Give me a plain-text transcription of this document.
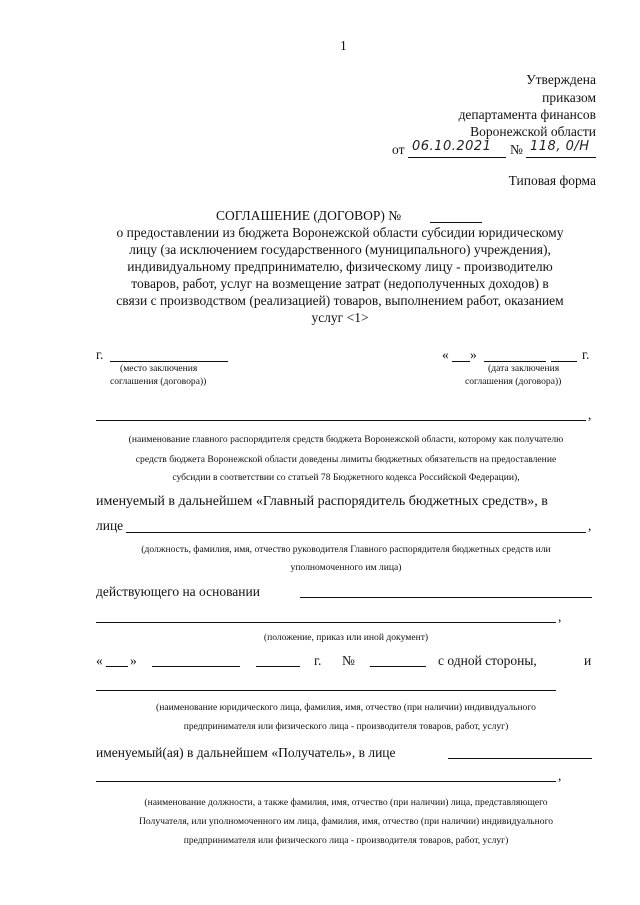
1
Утверждена
приказом
департамента финансов
Воронежской области
от 06.10.2021 № 118, 0/Н
Типовая форма
СОГЛАШЕНИЕ (ДОГОВОР) №
о предоставлении из бюджета Воронежской области субсидии юридическому
лицу (за исключением государственного (муниципального) учреждения),
индивидуальному предпринимателю, физическому лицу - производителю
товаров, работ, услуг на возмещение затрат (недополученных доходов) в
связи с производством (реализацией) товаров, выполнением работ, оказанием
услуг <1>
г.
(место заключения
соглашения (договора))
« »	г.
(дата заключения
соглашения (договора))
,
(наименование главного распорядителя средств бюджета Воронежской области, которому как получателю
средств бюджета Воронежской области доведены лимиты бюджетных обязательств на предоставление
субсидии в соответствии со статьей 78 Бюджетного кодекса Российской Федерации),
именуемый в дальнейшем «Главный распорядитель бюджетных средств», в
лице	,
(должность, фамилия, имя, отчество руководителя Главного распорядителя бюджетных средств или
уполномоченного им лица)
действующего на основании
,
(положение, приказ или иной документ)
« »	г. №	с одной стороны,	и
(наименование юридического лица, фамилия, имя, отчество (при наличии) индивидуального
предпринимателя или физического лица - производителя товаров, работ, услуг)
именуемый(ая) в дальнейшем «Получатель», в лице
,
(наименование должности, а также фамилия, имя, отчество (при наличии) лица, представляющего
Получателя, или уполномоченного им лица, фамилия, имя, отчество (при наличии) индивидуального
предпринимателя или физического лица - производителя товаров, работ, услуг)
